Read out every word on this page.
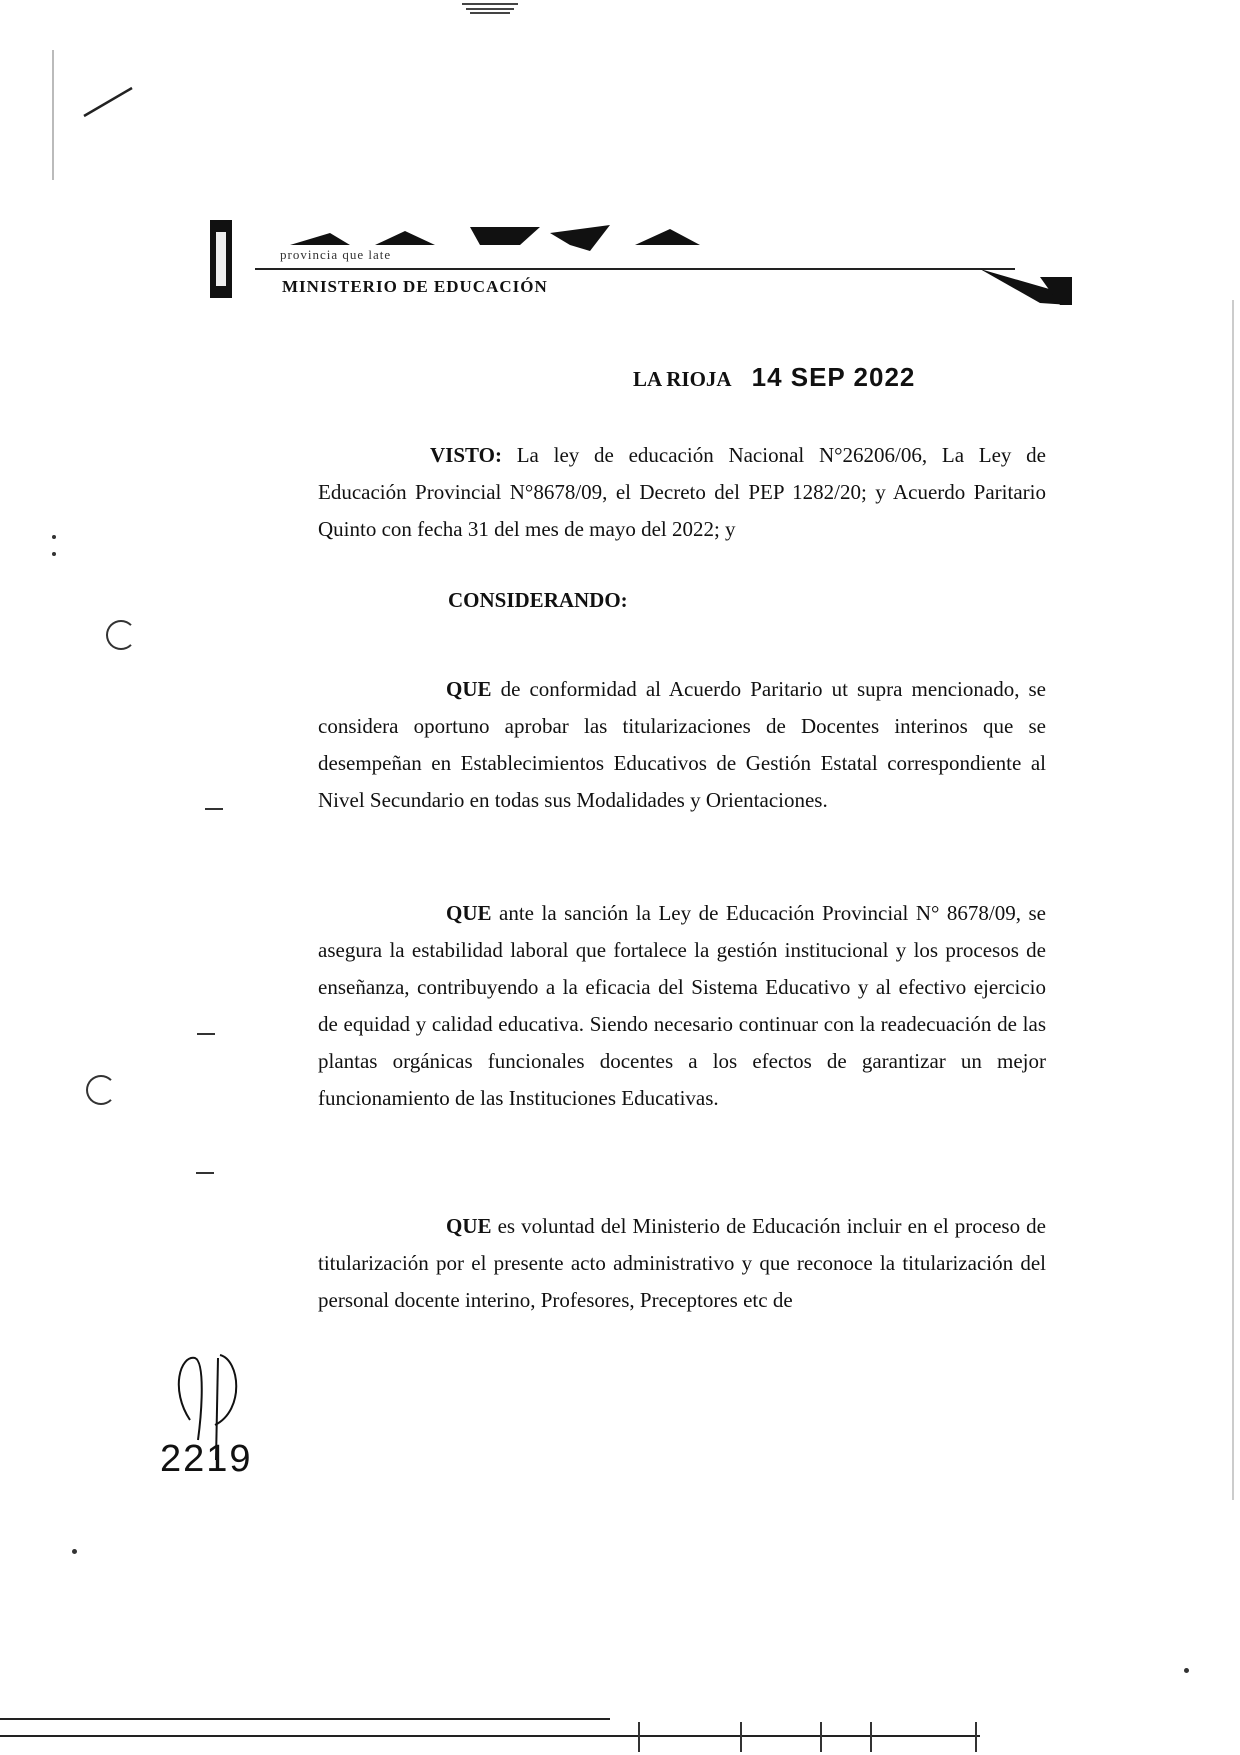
provincia que late
MINISTERIO DE EDUCACIÓN
LA RIOJA 14 SEP 2022

VISTO: La ley de educación Nacional N°26206/06, La Ley de Educación Provincial N°8678/09, el Decreto del PEP 1282/20; y Acuerdo Paritario Quinto con fecha 31 del mes de mayo del 2022; y

CONSIDERANDO:

QUE de conformidad al Acuerdo Paritario ut supra mencionado, se considera oportuno aprobar las titularizaciones de Docentes interinos que se desempeñan en Establecimientos Educativos de Gestión Estatal correspondiente al Nivel Secundario en todas sus Modalidades y Orientaciones.

QUE ante la sanción la Ley de Educación Provincial N° 8678/09, se asegura la estabilidad laboral que fortalece la gestión institucional y los procesos de enseñanza, contribuyendo a la eficacia del Sistema Educativo y al efectivo ejercicio de equidad y calidad educativa. Siendo necesario continuar con la readecuación de las plantas orgánicas funcionales docentes a los efectos de garantizar un mejor funcionamiento de las Instituciones Educativas.

QUE es voluntad del Ministerio de Educación incluir en el proceso de titularización por el presente acto administrativo y que reconoce la titularización del personal docente interino, Profesores, Preceptores etc de

2219
